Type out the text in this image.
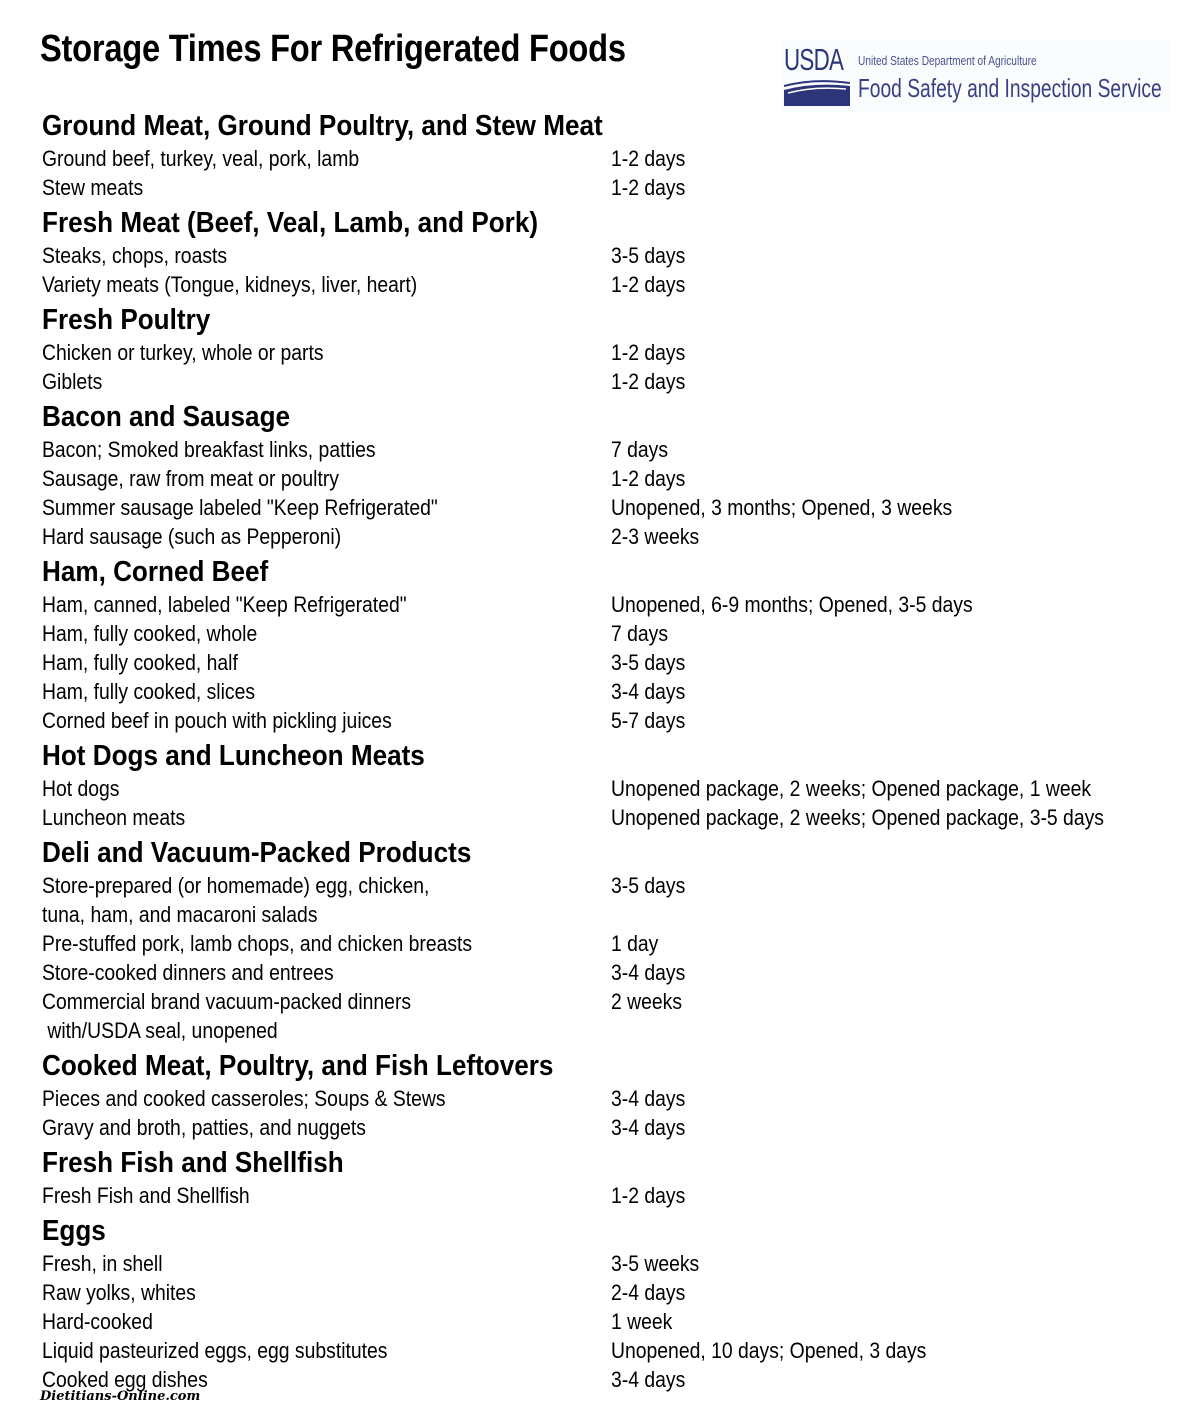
Storage Times For Refrigerated Foods	USDA United States Department of Agriculture
Food Safety and Inspection Service
Ground Meat, Ground Poultry, and Stew Meat
Ground beef, turkey, veal, pork, lamb	1-2 days
Stew meats	1-2 days
Fresh Meat (Beef, Veal, Lamb, and Pork)
Steaks, chops, roasts	3-5 days
Variety meats (Tongue, kidneys, liver, heart)	1-2 days
Fresh Poultry
Chicken or turkey, whole or parts	1-2 days
Giblets	1-2 days
Bacon and Sausage
Bacon; Smoked breakfast links, patties	7 days
Sausage, raw from meat or poultry	1-2 days
Summer sausage labeled "Keep Refrigerated"	Unopened, 3 months; Opened, 3 weeks
Hard sausage (such as Pepperoni)	2-3 weeks
Ham, Corned Beef
Ham, canned, labeled "Keep Refrigerated"	Unopened, 6-9 months; Opened, 3-5 days
Ham, fully cooked, whole	7 days
Ham, fully cooked, half	3-5 days
Ham, fully cooked, slices	3-4 days
Corned beef in pouch with pickling juices	5-7 days
Hot Dogs and Luncheon Meats
Hot dogs	Unopened package, 2 weeks; Opened package, 1 week
Luncheon meats	Unopened package, 2 weeks; Opened package, 3-5 days
Deli and Vacuum-Packed Products
Store-prepared (or homemade) egg, chicken,	3-5 days
tuna, ham, and macaroni salads
Pre-stuffed pork, lamb chops, and chicken breasts	1 day
Store-cooked dinners and entrees	3-4 days
Commercial brand vacuum-packed dinners	2 weeks
with/USDA seal, unopened
Cooked Meat, Poultry, and Fish Leftovers
Pieces and cooked casseroles; Soups & Stews	3-4 days
Gravy and broth, patties, and nuggets	3-4 days
Fresh Fish and Shellfish
Fresh Fish and Shellfish	1-2 days
Eggs
Fresh, in shell	3-5 weeks
Raw yolks, whites	2-4 days
Hard-cooked	1 week
Liquid pasteurized eggs, egg substitutes	Unopened, 10 days; Opened, 3 days
Cooked egg dishes	3-4 days
Dietitians-Online.com
